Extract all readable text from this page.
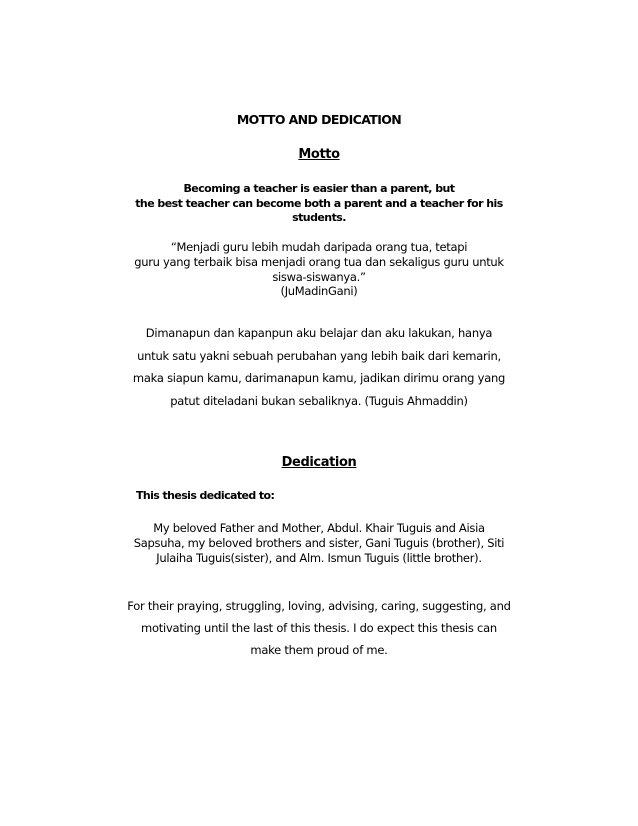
MOTTO AND DEDICATION
Motto
Becoming a teacher is easier than a parent, but
the best teacher can become both a parent and a teacher for his
students.
“Menjadi guru lebih mudah daripada orang tua, tetapi
guru yang terbaik bisa menjadi orang tua dan sekaligus guru untuk
siswa-siswanya.”
(JuMadinGani)
Dimanapun dan kapanpun aku belajar dan aku lakukan, hanya
untuk satu yakni sebuah perubahan yang lebih baik dari kemarin,
maka siapun kamu, darimanapun kamu, jadikan dirimu orang yang
patut diteladani bukan sebaliknya. (Tuguis Ahmaddin)
Dedication
This thesis dedicated to:
My beloved Father and Mother, Abdul. Khair Tuguis and Aisia
Sapsuha, my beloved brothers and sister, Gani Tuguis (brother), Siti
Julaiha Tuguis(sister), and Alm. Ismun Tuguis (little brother).
For their praying, struggling, loving, advising, caring, suggesting, and
motivating until the last of this thesis. I do expect this thesis can
make them proud of me.
